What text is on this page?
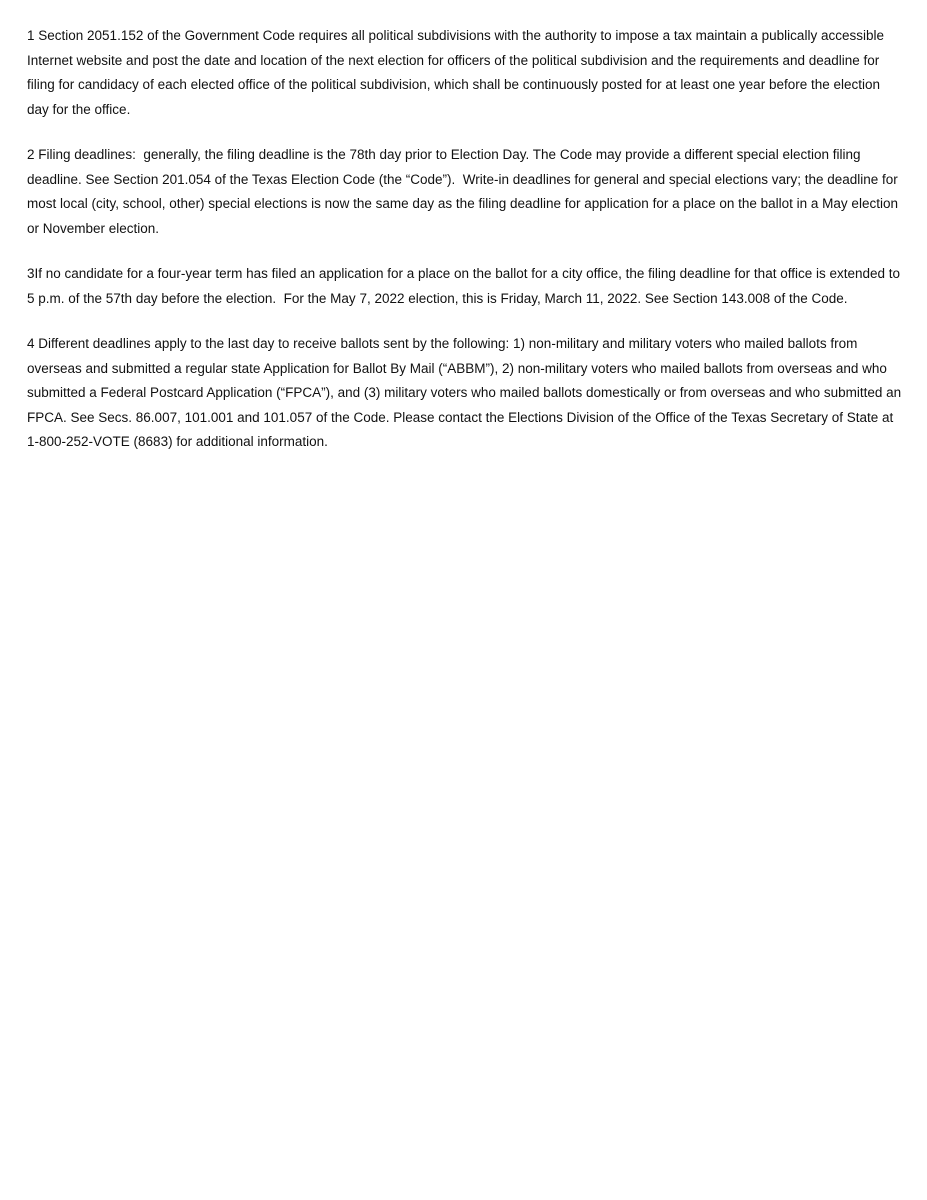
1 Section 2051.152 of the Government Code requires all political subdivisions with the authority to impose a tax maintain a publically accessible Internet website and post the date and location of the next election for officers of the political subdivision and the requirements and deadline for filing for candidacy of each elected office of the political subdivision, which shall be continuously posted for at least one year before the election day for the office.

2 Filing deadlines:  generally, the filing deadline is the 78th day prior to Election Day. The Code may provide a different special election filing deadline. See Section 201.054 of the Texas Election Code (the “Code”).  Write-in deadlines for general and special elections vary; the deadline for most local (city, school, other) special elections is now the same day as the filing deadline for application for a place on the ballot in a May election or November election.

3If no candidate for a four-year term has filed an application for a place on the ballot for a city office, the filing deadline for that office is extended to 5 p.m. of the 57th day before the election.  For the May 7, 2022 election, this is Friday, March 11, 2022. See Section 143.008 of the Code.

4 Different deadlines apply to the last day to receive ballots sent by the following: 1) non-military and military voters who mailed ballots from overseas and submitted a regular state Application for Ballot By Mail (“ABBM”), 2) non-military voters who mailed ballots from overseas and who submitted a Federal Postcard Application (“FPCA”), and (3) military voters who mailed ballots domestically or from overseas and who submitted an FPCA. See Secs. 86.007, 101.001 and 101.057 of the Code. Please contact the Elections Division of the Office of the Texas Secretary of State at 1-800-252-VOTE (8683) for additional information.
